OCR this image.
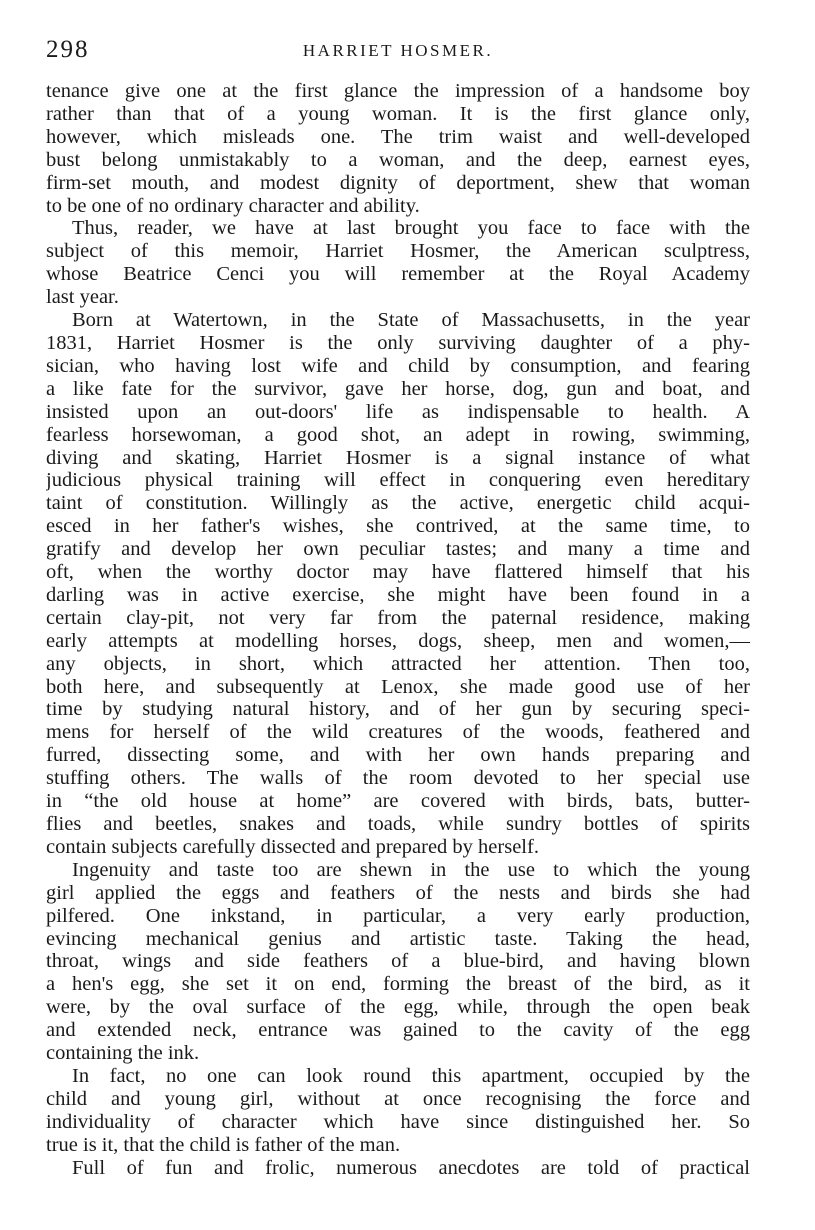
298	HARRIET HOSMER.
tenance give one at the first glance the impression of a handsome boy
rather than that of a young woman. It is the first glance only,
however, which misleads one. The trim waist and well-developed
bust belong unmistakably to a woman, and the deep, earnest eyes,
firm-set mouth, and modest dignity of deportment, shew that woman
to be one of no ordinary character and ability.
Thus, reader, we have at last brought you face to face with the
subject of this memoir, Harriet Hosmer, the American sculptress,
whose Beatrice Cenci you will remember at the Royal Academy
last year.
Born at Watertown, in the State of Massachusetts, in the year
1831, Harriet Hosmer is the only surviving daughter of a phy-
sician, who having lost wife and child by consumption, and fearing
a like fate for the survivor, gave her horse, dog, gun and boat, and
insisted upon an out-doors' life as indispensable to health. A
fearless horsewoman, a good shot, an adept in rowing, swimming,
diving and skating, Harriet Hosmer is a signal instance of what
judicious physical training will effect in conquering even hereditary
taint of constitution. Willingly as the active, energetic child acqui-
esced in her father's wishes, she contrived, at the same time, to
gratify and develop her own peculiar tastes; and many a time and
oft, when the worthy doctor may have flattered himself that his
darling was in active exercise, she might have been found in a
certain clay-pit, not very far from the paternal residence, making
early attempts at modelling horses, dogs, sheep, men and women,—
any objects, in short, which attracted her attention. Then too,
both here, and subsequently at Lenox, she made good use of her
time by studying natural history, and of her gun by securing speci-
mens for herself of the wild creatures of the woods, feathered and
furred, dissecting some, and with her own hands preparing and
stuffing others. The walls of the room devoted to her special use
in “the old house at home” are covered with birds, bats, butter-
flies and beetles, snakes and toads, while sundry bottles of spirits
contain subjects carefully dissected and prepared by herself.
Ingenuity and taste too are shewn in the use to which the young
girl applied the eggs and feathers of the nests and birds she had
pilfered. One inkstand, in particular, a very early production,
evincing mechanical genius and artistic taste. Taking the head,
throat, wings and side feathers of a blue-bird, and having blown
a hen's egg, she set it on end, forming the breast of the bird, as it
were, by the oval surface of the egg, while, through the open beak
and extended neck, entrance was gained to the cavity of the egg
containing the ink.
In fact, no one can look round this apartment, occupied by the
child and young girl, without at once recognising the force and
individuality of character which have since distinguished her. So
true is it, that the child is father of the man.
Full of fun and frolic, numerous anecdotes are told of practical
